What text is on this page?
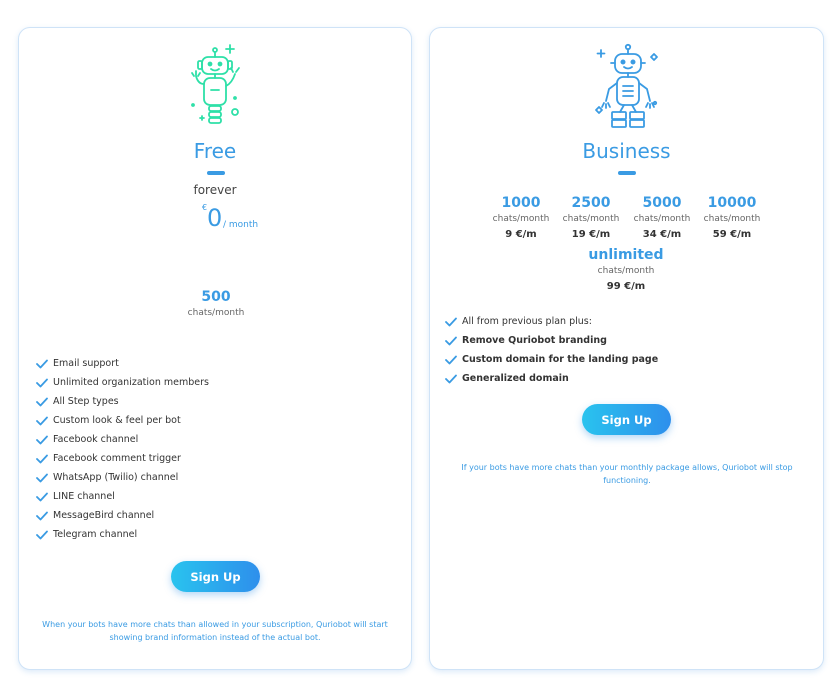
Free
forever
€ 0 / month
500
chats/month
Email support
Unlimited organization members
All Step types
Custom look & feel per bot
Facebook channel
Facebook comment trigger
WhatsApp (Twilio) channel
LINE channel
MessageBird channel
Telegram channel
Sign Up
When your bots have more chats than allowed in your subscription, Quriobot will start showing brand information instead of the actual bot.
Business
1000
chats/month
9 €/m
2500
chats/month
19 €/m
5000
chats/month
34 €/m
10000
chats/month
59 €/m
unlimited
chats/month
99 €/m
All from previous plan plus:
Remove Quriobot branding
Custom domain for the landing page
Generalized domain
Sign Up
If your bots have more chats than your monthly package allows, Quriobot will stop functioning.
